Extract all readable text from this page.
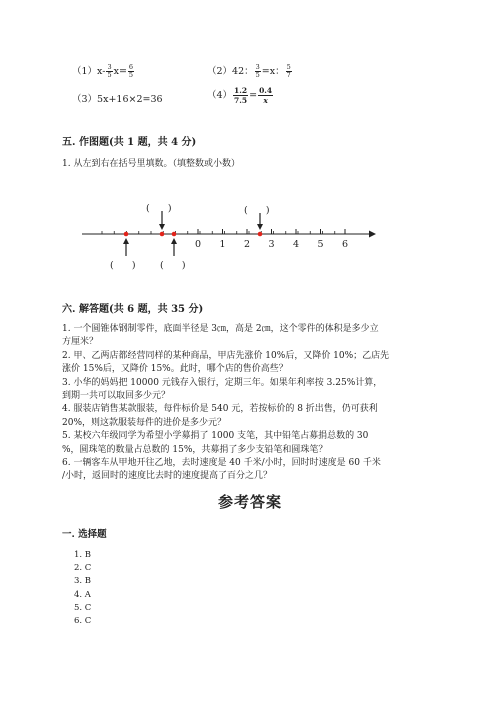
$(1)x- \frac{3}{5} x= \frac{6}{5}$	（2）42： $\frac{3}{5} =x$： $\frac{5}{7}$
（3）5x+16×2=36	$(4) \frac{1.2}{7.5} = \frac{0.4}{x}$
五. 作图题(共 1 题，共 4 分)
1. 从左到右在括号里填数。（填整数或小数）
0 1 2 3 4 5 6
(      )	(      )
(      )	(      )
六. 解答题(共 6 题，共 35 分)
1. 一个圆锥体钢制零件，底面半径是 3㎝，高是 2㎝，这个零件的体积是多少立
方厘米？
2. 甲、乙两店都经营同样的某种商品，甲店先涨价 10%后，又降价 10%；乙店先
涨价 15%后，又降价 15%。此时，哪个店的售价高些？
3. 小华的妈妈把 10000 元钱存入银行，定期三年。如果年利率按 3.25%计算，
到期一共可以取回多少元？
4. 服装店销售某款服装，每件标价是 540 元，若按标价的 8 折出售，仍可获利
20%，则这款服装每件的进价是多少元？
5. 某校六年级同学为希望小学募捐了 1000 支笔，其中铅笔占募捐总数的 30
%，圆珠笔的数量占总数的 15%，共募捐了多少支铅笔和圆珠笔？
6. 一辆客车从甲地开往乙地，去时速度是 40 千米/小时，回时时速度是 60 千米
/小时，返回时的速度比去时的速度提高了百分之几？
参考答案
一. 选择题
1. B
2. C
3. B
4. A
5. C
6. C
